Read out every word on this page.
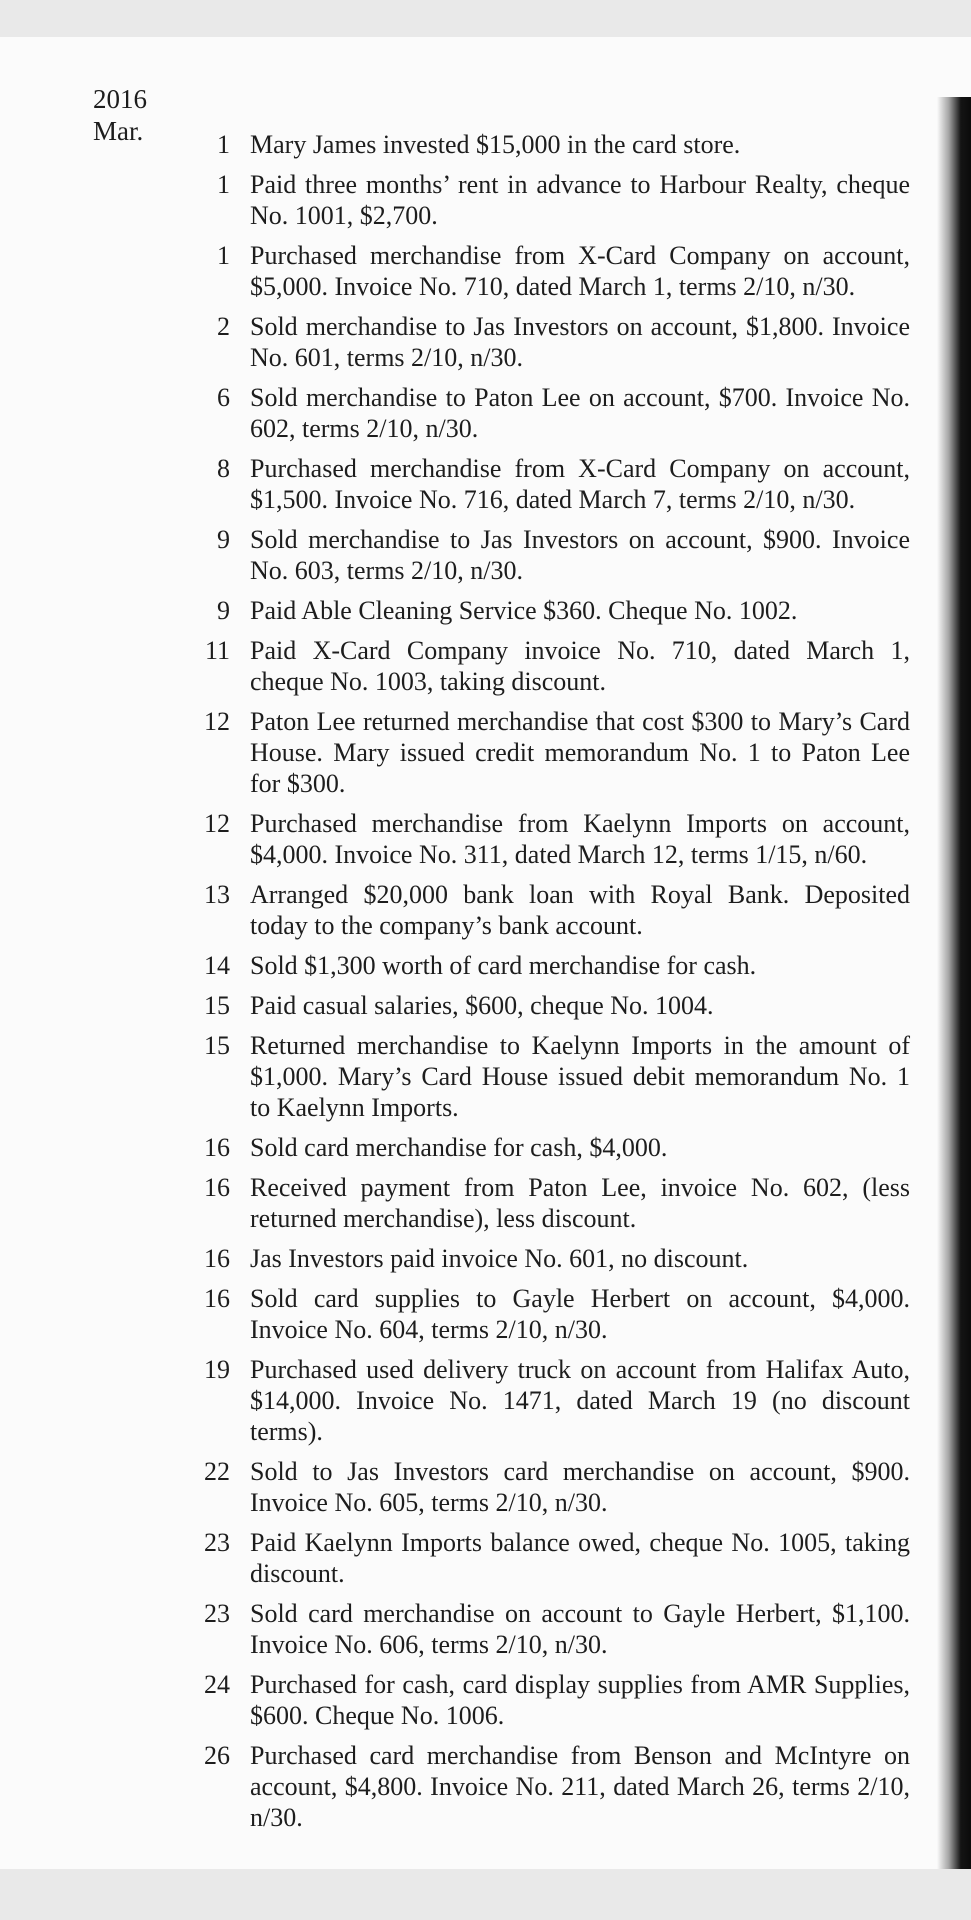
2016
Mar.	1 Mary James invested $15,000 in the card store.
1 Paid three months’ rent in advance to Harbour Realty, cheque No. 1001, $2,700.
1 Purchased merchandise from X-Card Company on account, $5,000. Invoice No. 710, dated March 1, terms 2/10, n/30.
2 Sold merchandise to Jas Investors on account, $1,800. Invoice No. 601, terms 2/10, n/30.
6 Sold merchandise to Paton Lee on account, $700. Invoice No. 602, terms 2/10, n/30.
8 Purchased merchandise from X-Card Company on account, $1,500. Invoice No. 716, dated March 7, terms 2/10, n/30.
9 Sold merchandise to Jas Investors on account, $900. Invoice No. 603, terms 2/10, n/30.
9 Paid Able Cleaning Service $360. Cheque No. 1002.
11 Paid X-Card Company invoice No. 710, dated March 1, cheque No. 1003, taking discount.
12 Paton Lee returned merchandise that cost $300 to Mary’s Card House. Mary issued credit memorandum No. 1 to Paton Lee for $300.
12 Purchased merchandise from Kaelynn Imports on account, $4,000. Invoice No. 311, dated March 12, terms 1/15, n/60.
13 Arranged $20,000 bank loan with Royal Bank. Deposited today to the company’s bank account.
14 Sold $1,300 worth of card merchandise for cash.
15 Paid casual salaries, $600, cheque No. 1004.
15 Returned merchandise to Kaelynn Imports in the amount of $1,000. Mary’s Card House issued debit memorandum No. 1 to Kaelynn Imports.
16 Sold card merchandise for cash, $4,000.
16 Received payment from Paton Lee, invoice No. 602, (less returned merchandise), less discount.
16 Jas Investors paid invoice No. 601, no discount.
16 Sold card supplies to Gayle Herbert on account, $4,000. Invoice No. 604, terms 2/10, n/30.
19 Purchased used delivery truck on account from Halifax Auto, $14,000. Invoice No. 1471, dated March 19 (no discount terms).
22 Sold to Jas Investors card merchandise on account, $900. Invoice No. 605, terms 2/10, n/30.
23 Paid Kaelynn Imports balance owed, cheque No. 1005, taking discount.
23 Sold card merchandise on account to Gayle Herbert, $1,100. Invoice No. 606, terms 2/10, n/30.
24 Purchased for cash, card display supplies from AMR Supplies, $600. Cheque No. 1006.
26 Purchased card merchandise from Benson and McIntyre on account, $4,800. Invoice No. 211, dated March 26, terms 2/10, n/30.
